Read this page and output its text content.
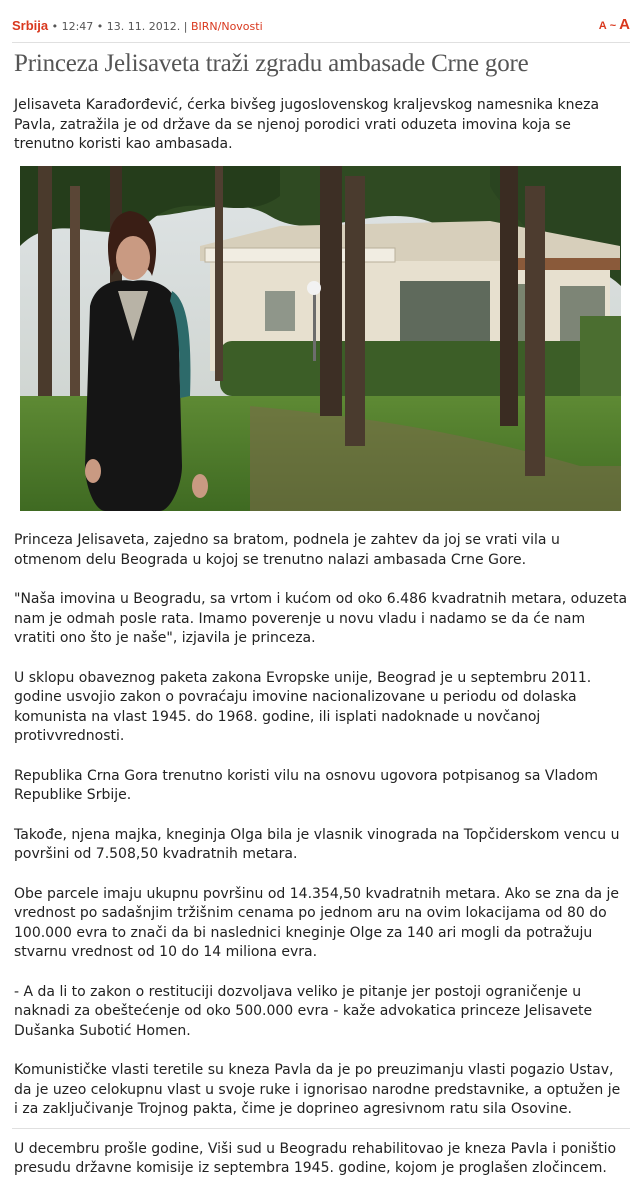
Srbija • 12:47 • 13. 11. 2012. | BIRN/Novosti	A ~ A
Princeza Jelisaveta traži zgradu ambasade Crne gore

Jelisaveta Karađorđević, ćerka bivšeg jugoslovenskog kraljevskog namesnika kneza Pavla, zatražila je od države da se njenoj porodici vrati oduzeta imovina koja se trenutno koristi kao ambasada.

Princeza Jelisaveta, zajedno sa bratom, podnela je zahtev da joj se vrati vila u otmenom delu Beograda u kojoj se trenutno nalazi ambasada Crne Gore.

"Naša imovina u Beogradu, sa vrtom i kućom od oko 6.486 kvadratnih metara, oduzeta nam je odmah posle rata. Imamo poverenje u novu vladu i nadamo se da će nam vratiti ono što je naše", izjavila je princeza.

U sklopu obaveznog paketa zakona Evropske unije, Beograd je u septembru 2011. godine usvojio zakon o povraćaju imovine nacionalizovane u periodu od dolaska komunista na vlast 1945. do 1968. godine, ili isplati nadoknade u novčanoj protivvrednosti.

Republika Crna Gora trenutno koristi vilu na osnovu ugovora potpisanog sa Vladom Republike Srbije.

Takođe, njena majka, kneginja Olga bila je vlasnik vinograda na Topčiderskom vencu u površini od 7.508,50 kvadratnih metara.

Obe parcele imaju ukupnu površinu od 14.354,50 kvadratnih metara. Ako se zna da je vrednost po sadašnjim tržišnim cenama po jednom aru na ovim lokacijama od 80 do 100.000 evra to znači da bi naslednici kneginje Olge za 140 ari mogli da potražuju stvarnu vrednost od 10 do 14 miliona evra.

- A da li to zakon o restituciji dozvoljava veliko je pitanje jer postoji ograničenje u naknadi za obeštećenje od oko 500.000 evra - kaže advokatica princeze Jelisavete Dušanka Subotić Homen.

Komunističke vlasti teretile su kneza Pavla da je po preuzimanju vlasti pogazio Ustav, da je uzeo celokupnu vlast u svoje ruke i ignorisao narodne predstavnike, a optužen je i za zaključivanje Trojnog pakta, čime je doprineo agresivnom ratu sila Osovine.

U decembru prošle godine, Viši sud u Beogradu rehabilitovao je kneza Pavla i poništio presudu državne komisije iz septembra 1945. godine, kojom je proglašen zločincem.
